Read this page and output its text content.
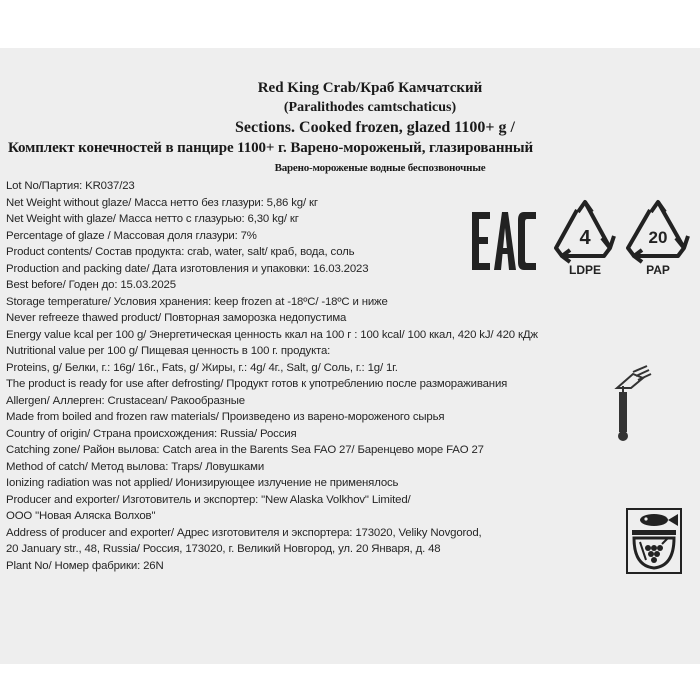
Red King Crab/Краб Камчатский
(Paralithodes camtschaticus)
Sections. Cooked frozen, glazed 1100+ g /
Комплект конечностей в панцире 1100+ г. Варено-мороженый, глазированный
Варено-мороженые водные беспозвоночные
Lot No/Партия: KR037/23
Net Weight without glaze/ Масса нетто без глазури: 5,86 kg/ кг
Net Weight with glaze/ Масса нетто с глазурью: 6,30 kg/ кг
Percentage of glaze / Массовая доля глазури: 7%
Product contents/ Состав продукта: crab, water, salt/ краб, вода, соль
Production and packing date/ Дата изготовления и упаковки: 16.03.2023
Best before/ Годен до: 15.03.2025
Storage temperature/ Условия хранения: keep frozen at -18ºС/ -18ºС и ниже
Never refreeze thawed product/ Повторная заморозка недопустима
Energy value kcal per 100 g/ Энергетическая ценность ккал на 100 г : 100 kcal/ 100 ккал, 420 kJ/ 420 кДж
Nutritional value per 100 g/ Пищевая ценность в 100 г. продукта:
Proteins, g/ Белки, г.: 16g/ 16г., Fats, g/ Жиры, г.: 4g/ 4г., Salt, g/ Соль, г.: 1g/ 1г.
The product is ready for use after defrosting/ Продукт готов к употреблению после размораживания
Allergen/ Аллерген: Crustacean/ Ракообразные
Made from boiled and frozen raw materials/ Произведено из варено-мороженого сырья
Country of origin/ Страна происхождения: Russia/ Россия
Catching zone/ Район вылова: Catch area in the Barents Sea FAO 27/ Баренцево море FAO 27
Method of catch/ Метод вылова: Traps/ Ловушками
Ionizing radiation was not applied/ Ионизирующее излучение не применялось
Producer and exporter/ Изготовитель и экспортер: "New Alaska Volkhov" Limited/
ООО "Новая Аляска Волхов"
Address of producer and exporter/ Адрес изготовителя и экспортера: 173020, Veliky Novgorod,
20 January str., 48, Russia/ Россия, 173020, г. Великий Новгород, ул. 20 Января, д. 48
Plant No/ Номер фабрики: 26N
4
LDPE
20
PAP
